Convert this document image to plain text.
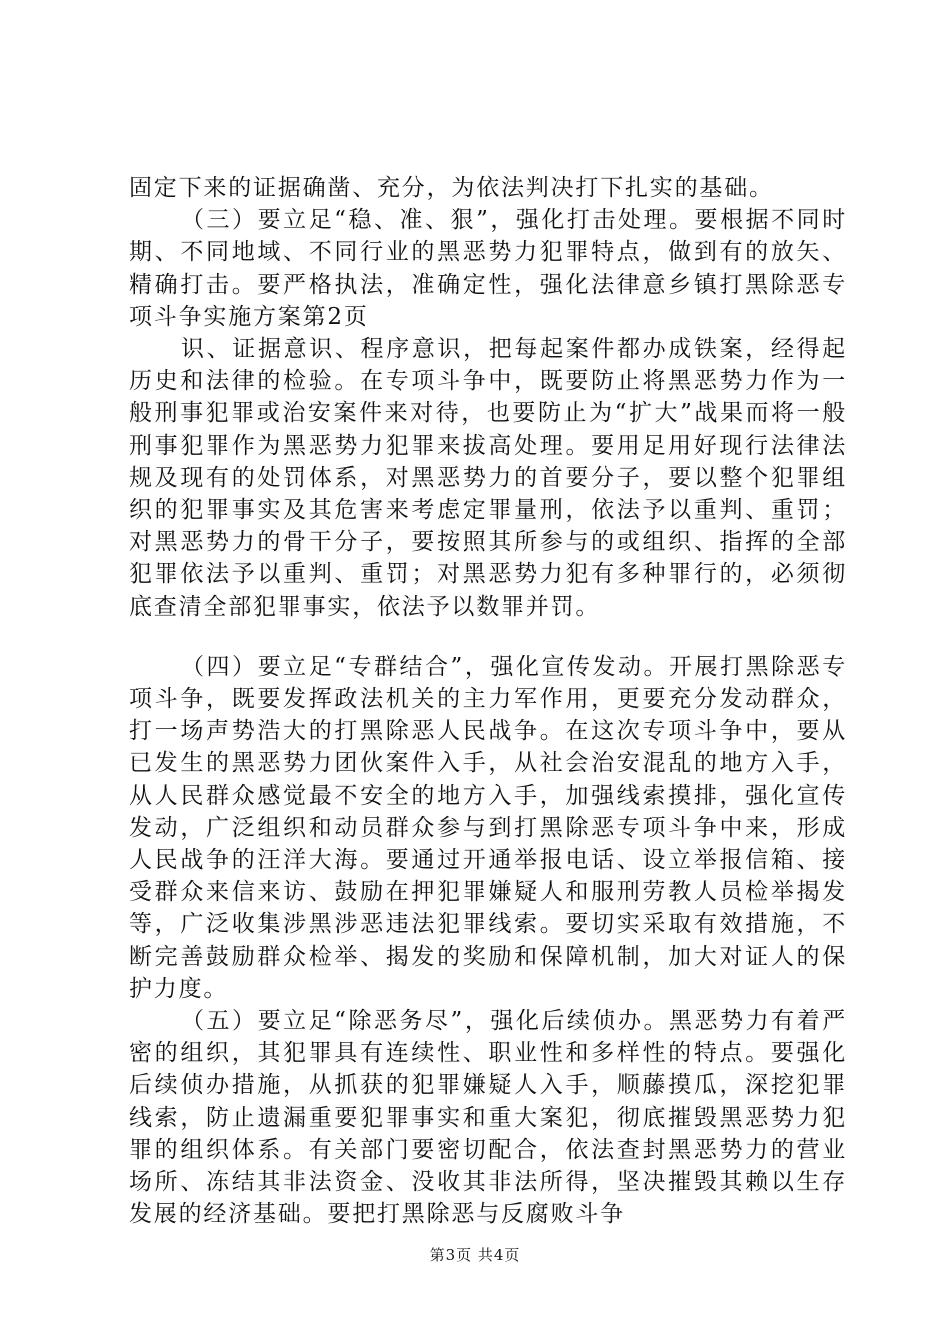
固定下来的证据确凿、充分，为依法判决打下扎实的基础。

（三）要立足“稳、准、狠”，强化打击处理。要根据不同时期、不同地域、不同行业的黑恶势力犯罪特点，做到有的放矢、精确打击。要严格执法，准确定性，强化法律意乡镇打黑除恶专项斗争实施方案第2页

识、证据意识、程序意识，把每起案件都办成铁案，经得起历史和法律的检验。在专项斗争中，既要防止将黑恶势力作为一般刑事犯罪或治安案件来对待，也要防止为“扩大”战果而将一般刑事犯罪作为黑恶势力犯罪来拔高处理。要用足用好现行法律法规及现有的处罚体系，对黑恶势力的首要分子，要以整个犯罪组织的犯罪事实及其危害来考虑定罪量刑，依法予以重判、重罚；对黑恶势力的骨干分子，要按照其所参与的或组织、指挥的全部犯罪依法予以重判、重罚；对黑恶势力犯有多种罪行的，必须彻底查清全部犯罪事实，依法予以数罪并罚。

（四）要立足“专群结合”，强化宣传发动。开展打黑除恶专项斗争，既要发挥政法机关的主力军作用，更要充分发动群众，打一场声势浩大的打黑除恶人民战争。在这次专项斗争中，要从已发生的黑恶势力团伙案件入手，从社会治安混乱的地方入手，从人民群众感觉最不安全的地方入手，加强线索摸排，强化宣传发动，广泛组织和动员群众参与到打黑除恶专项斗争中来，形成人民战争的汪洋大海。要通过开通举报电话、设立举报信箱、接受群众来信来访、鼓励在押犯罪嫌疑人和服刑劳教人员检举揭发等，广泛收集涉黑涉恶违法犯罪线索。要切实采取有效措施，不断完善鼓励群众检举、揭发的奖励和保障机制，加大对证人的保护力度。

（五）要立足“除恶务尽”，强化后续侦办。黑恶势力有着严密的组织，其犯罪具有连续性、职业性和多样性的特点。要强化后续侦办措施，从抓获的犯罪嫌疑人入手，顺藤摸瓜，深挖犯罪线索，防止遗漏重要犯罪事实和重大案犯，彻底摧毁黑恶势力犯罪的组织体系。有关部门要密切配合，依法查封黑恶势力的营业场所、冻结其非法资金、没收其非法所得，坚决摧毁其赖以生存发展的经济基础。要把打黑除恶与反腐败斗争

第3页 共4页
